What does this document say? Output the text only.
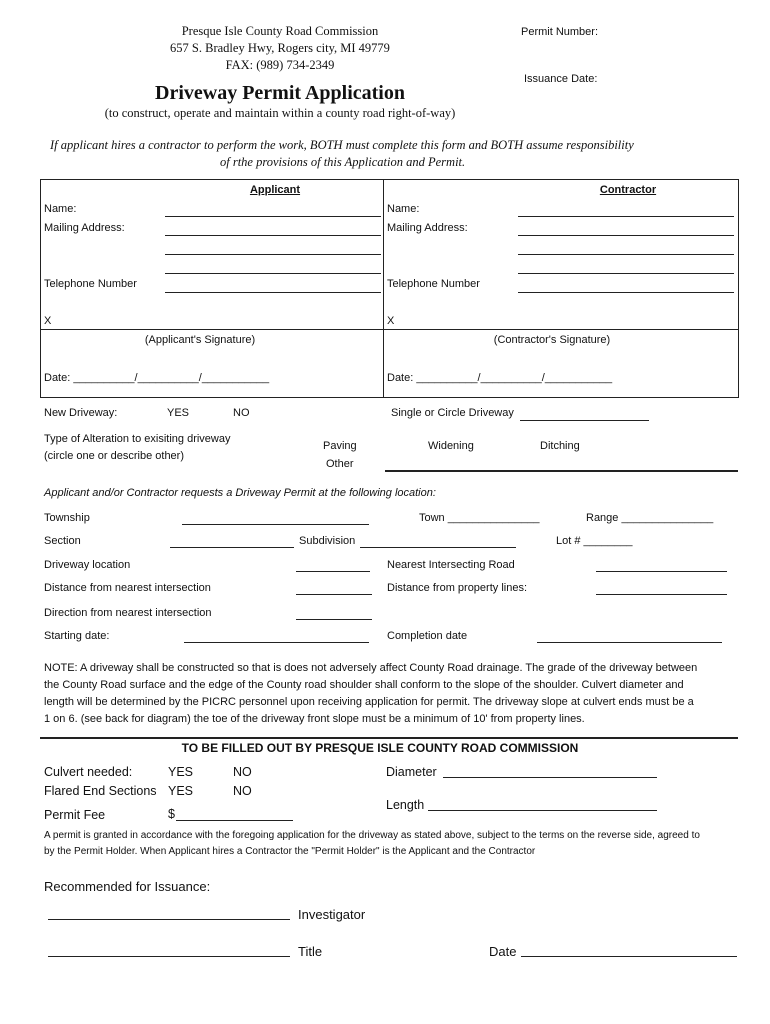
Presque Isle County Road Commission
657 S. Bradley Hwy, Rogers city, MI 49779
FAX: (989) 734-2349
Permit Number:
Issuance Date:
Driveway Permit Application
(to construct, operate and maintain within a county road right-of-way)
If applicant hires a contractor to perform the work, BOTH must complete this form and BOTH assume responsibility
of rthe provisions of this Application and Permit.
Applicant
Name:
Mailing Address:
Telephone Number
X
(Applicant's Signature)
Date: __________/__________/___________
Contractor
Name:
Mailing Address:
Telephone Number
X
(Contractor's Signature)
Date: __________/__________/___________
New Driveway:	YES	NO	Single or Circle Driveway
Type of Alteration to exisiting driveway
(circle one or describe other)
Paving
Other
Widening	Ditching
Applicant and/or Contractor requests a Driveway Permit at the following location:
Township	Town _______________	Range _______________
Section	Subdivision	Lot # ________
Driveway location	Nearest Intersecting Road
Distance from nearest intersection	Distance from property lines:
Direction from nearest intersection
Starting date:	Completion date
NOTE: A driveway shall be constructed so that is does not adversely affect County Road drainage. The grade of the driveway between
the County Road surface and the edge of the County road shoulder shall conform to the slope of the shoulder. Culvert diameter and
length will be determined by the PICRC personnel upon receiving application for permit. The driveway slope at culvert ends must be a
1 on 6. (see back for diagram) the toe of the driveway front slope must be a minimum of 10' from property lines.
TO BE FILLED OUT BY PRESQUE ISLE COUNTY ROAD COMMISSION
Culvert needed:	YES	NO	Diameter
Flared End Sections YES	NO
Length
Permit Fee	$
A permit is granted in accordance with the foregoing application for the driveway as stated above, subject to the terms on the reverse side, agreed to
by the Permit Holder. When Applicant hires a Contractor the "Permit Holder" is the Applicant and the Contractor
Recommended for Issuance:
Investigator
Title	Date
